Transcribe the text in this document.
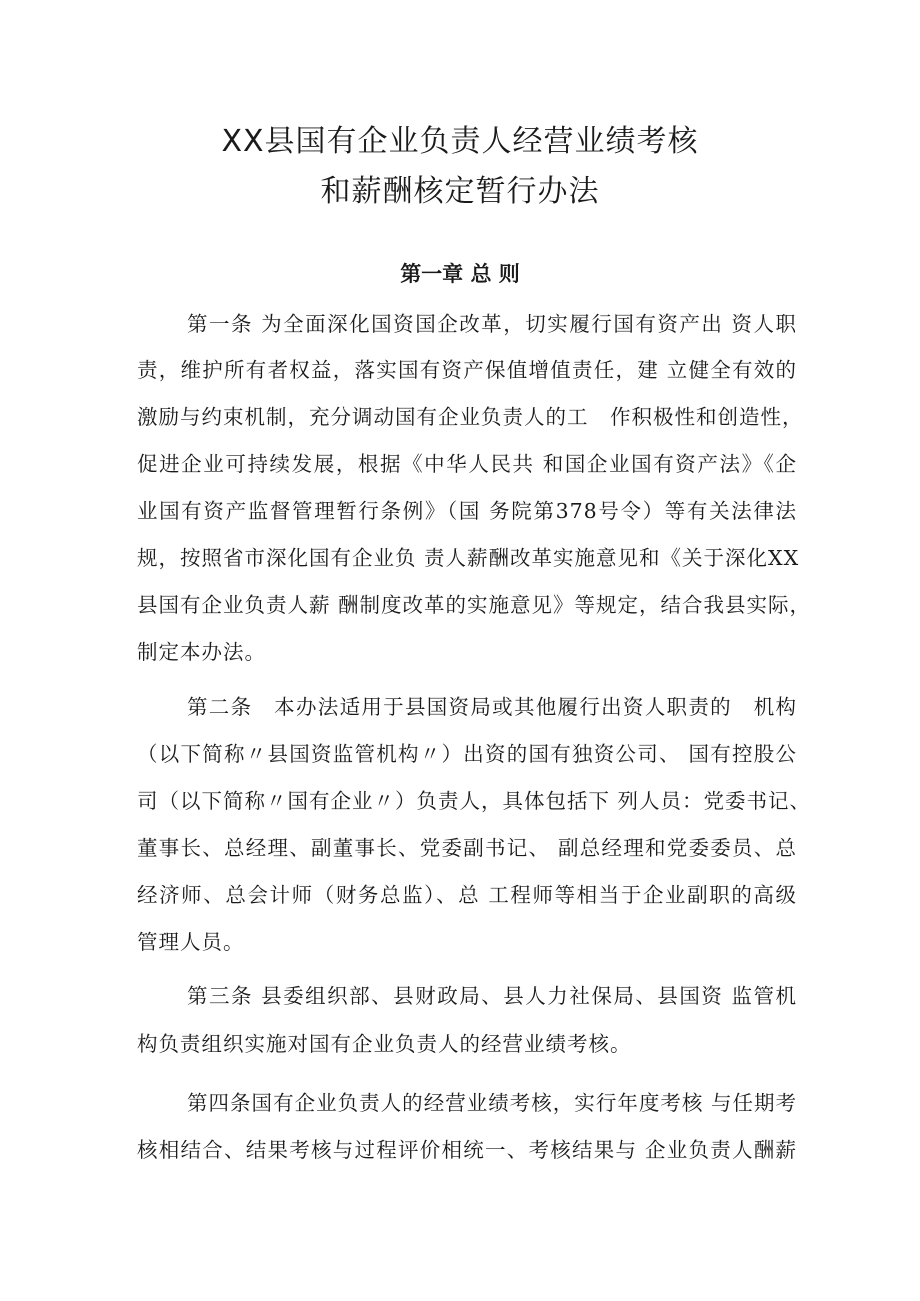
XX县国有企业负责人经营业绩考核
和薪酬核定暂行办法
第一章 总 则
第一条 为全面深化国资国企改革，切实履行国有资产出 资人职
责，维护所有者权益，落实国有资产保值增值责任，建 立健全有效的
激励与约束机制，充分调动国有企业负责人的工　作积极性和创造性，
促进企业可持续发展，根据《中华人民共 和国企业国有资产法》《企
业国有资产监督管理暂行条例》（国 务院第378号令）等有关法律法
规，按照省市深化国有企业负 责人薪酬改革实施意见和《关于深化XX
县国有企业负责人薪 酬制度改革的实施意见》等规定，结合我县实际，
制定本办法。
第二条　本办法适用于县国资局或其他履行出资人职责的　机构
（以下简称〃县国资监管机构〃）出资的国有独资公司、 国有控股公
司（以下简称〃国有企业〃）负责人，具体包括下 列人员：党委书记、
董事长、总经理、副董事长、党委副书记、 副总经理和党委委员、总
经济师、总会计师（财务总监）、总 工程师等相当于企业副职的高级
管理人员。
第三条 县委组织部、县财政局、县人力社保局、县国资 监管机
构负责组织实施对国有企业负责人的经营业绩考核。
第四条国有企业负责人的经营业绩考核，实行年度考核 与任期考
核相结合、结果考核与过程评价相统一、考核结果与 企业负责人酬薪
